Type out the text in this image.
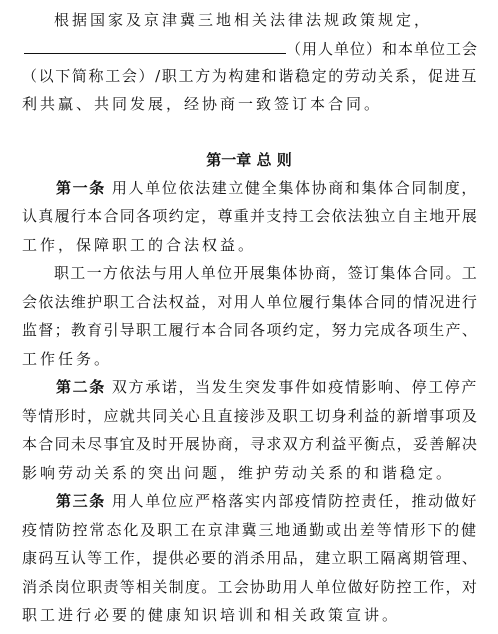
根据国家及京津冀三地相关法律法规政策规定，
（用人单位）和本单位工会
（以下简称工会）/职工方为构建和谐稳定的劳动关系，促进互
利共赢、共同发展，经协商一致签订本合同。
第一章 总 则
第一条 用人单位依法建立健全集体协商和集体合同制度，
认真履行本合同各项约定，尊重并支持工会依法独立自主地开展
工作，保障职工的合法权益。
职工一方依法与用人单位开展集体协商，签订集体合同。工
会依法维护职工合法权益，对用人单位履行集体合同的情况进行
监督；教育引导职工履行本合同各项约定，努力完成各项生产、
工作任务。
第二条 双方承诺，当发生突发事件如疫情影响、停工停产
等情形时，应就共同关心且直接涉及职工切身利益的新增事项及
本合同未尽事宜及时开展协商，寻求双方利益平衡点，妥善解决
影响劳动关系的突出问题，维护劳动关系的和谐稳定。
第三条 用人单位应严格落实内部疫情防控责任，推动做好
疫情防控常态化及职工在京津冀三地通勤或出差等情形下的健
康码互认等工作，提供必要的消杀用品，建立职工隔离期管理、
消杀岗位职责等相关制度。工会协助用人单位做好防控工作，对
职工进行必要的健康知识培训和相关政策宣讲。
